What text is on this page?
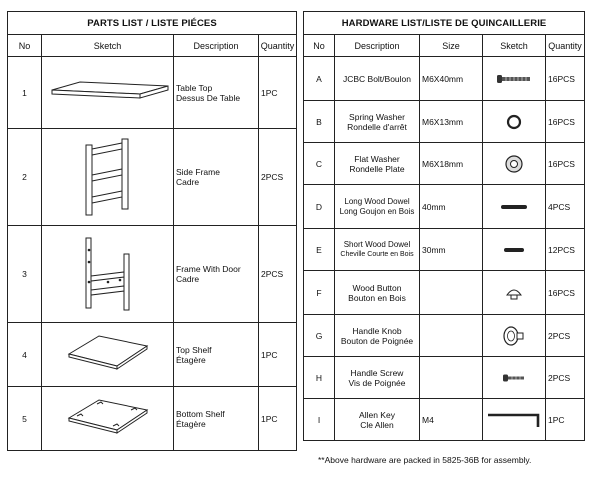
PARTS LIST / LISTE PIÉCES			
No	Sketch	Description	Quantity
1		Table Top
Dessus De Table	1PC
2		Side Frame
Cadre	2PCS
3		Frame With Door
Cadre	2PCS
4		Top Shelf
Étagère	1PC
5		Bottom Shelf
Étagère	1PC
HARDWARE LIST/LISTE DE QUINCAILLERIE				
No	Description	Size	Sketch	Quantity
A	JCBC Bolt/Boulon	M6X40mm		16PCS
B	Spring Washer
Rondelle d'arrêt	M6X13mm		16PCS
C	Flat Washer
Rondelle Plate	M6X18mm		16PCS
D	Long Wood Dowel
Long Goujon en Bois	40mm		4PCS
E	Short Wood Dowel
Cheville Courte en Bois	30mm		12PCS
F	Wood Button
Bouton en Bois			16PCS
G	Handle Knob
Bouton de Poignée			2PCS
H	Handle Screw
Vis de Poignée			2PCS
I	Allen Key
Cle Allen	M4		1PC
**Above hardware are packed in 5825-36B for assembly.
